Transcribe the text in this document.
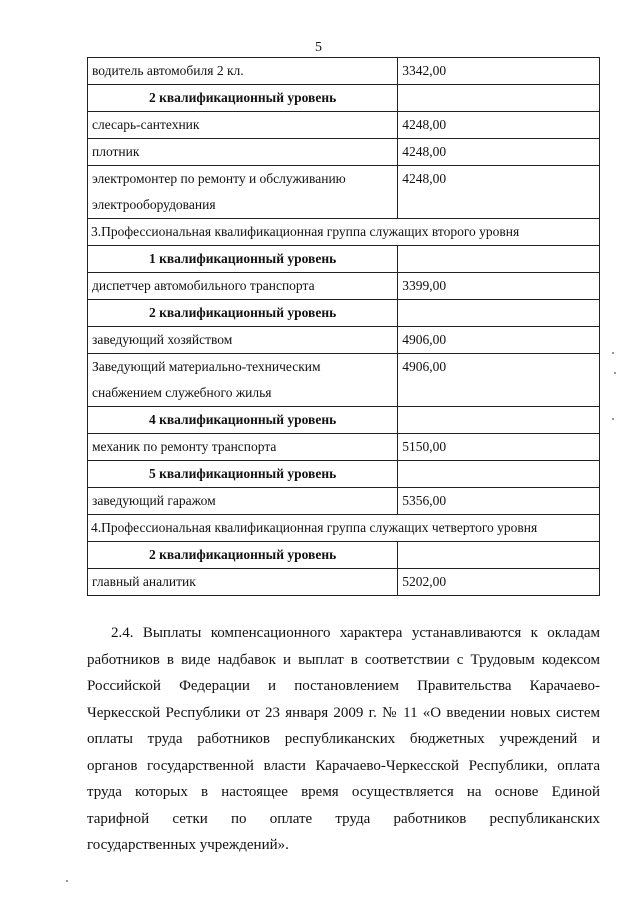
5
водитель автомобиля 2 кл.	3342,00
2 квалификационный уровень	
слесарь-сантехник	4248,00
плотник	4248,00
электромонтер по ремонту и обслуживанию
электрооборудования	4248,00
3.Профессиональная квалификационная группа служащих второго уровня	
1 квалификационный уровень	
диспетчер автомобильного транспорта	3399,00
2 квалификационный уровень	
заведующий хозяйством	4906,00
Заведующий материально-техническим
снабжением служебного жилья	4906,00
4 квалификационный уровень	
механик по ремонту транспорта	5150,00
5 квалификационный уровень	
заведующий гаражом	5356,00
4.Профессиональная квалификационная группа служащих четвертого уровня	
2 квалификационный уровень	
главный аналитик	5202,00
2.4. Выплаты компенсационного характера устанавливаются к окладам
работников в виде надбавок и выплат в соответствии с Трудовым кодексом
Российской Федерации и постановлением Правительства Карачаево-
Черкесской Республики от 23 января 2009 г. № 11 «О введении новых систем
оплаты труда работников республиканских бюджетных учреждений и
органов государственной власти Карачаево-Черкесской Республики, оплата
труда которых в настоящее время осуществляется на основе Единой
тарифной сетки по оплате труда работников республиканских
государственных учреждений».
